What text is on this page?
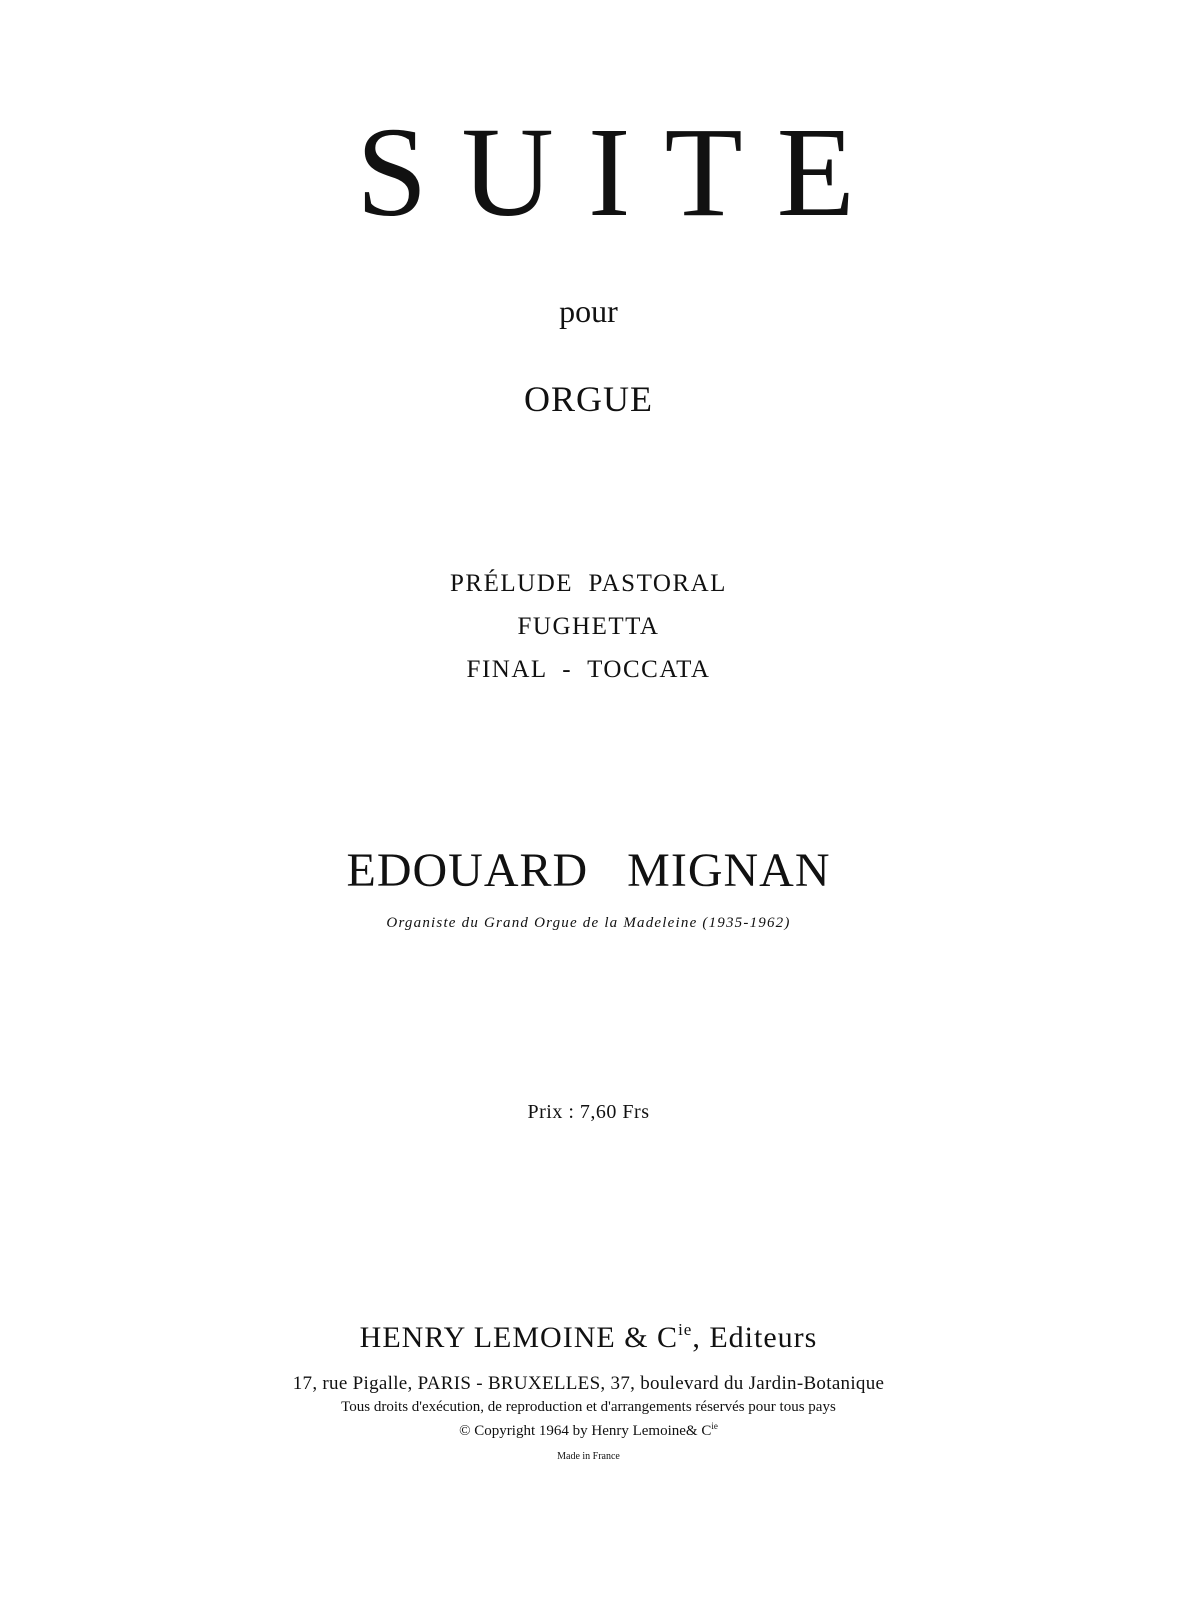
SUITE
pour
ORGUE
PRÉLUDE  PASTORAL
FUGHETTA
FINAL  -  TOCCATA
EDOUARD   MIGNAN
Organiste du Grand Orgue de la Madeleine (1935-1962)
Prix : 7,60 Frs
HENRY LEMOINE & $C^{ie}$, Editeurs
17, rue Pigalle, PARIS - BRUXELLES, 37, boulevard du Jardin-Botanique
Tous droits d'exécution, de reproduction et d'arrangements réservés pour tous pays
© Copyright 1964 by Henry Lemoine& $C^{ie}$
Made in France
